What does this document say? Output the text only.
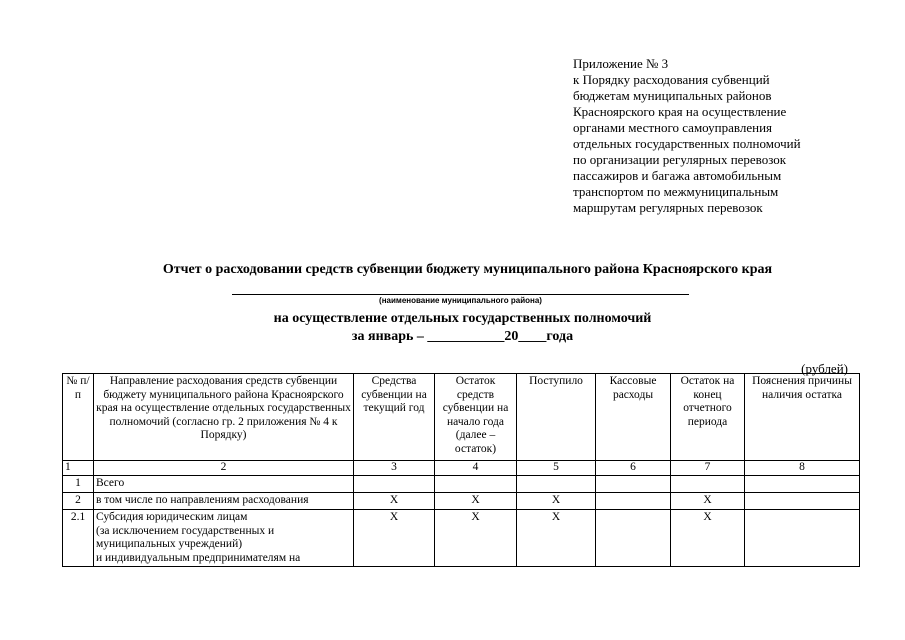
Приложение № 3
к Порядку расходования субвенций
бюджетам муниципальных районов
Красноярского края на осуществление
органами местного самоуправления
отдельных государственных полномочий
по организации регулярных перевозок
пассажиров и багажа автомобильным
транспортом по межмуниципальным
маршрутам регулярных перевозок
Отчет о расходовании средств субвенции бюджету муниципального района Красноярского края
(наименование муниципального района)
на осуществление отдельных государственных полномочий
за январь – ___________20____года
(рублей)
№ п/п	Направление расходования средств субвенции бюджету муниципального района Красноярского края на осуществление отдельных государственных полномочий (согласно гр. 2 приложения № 4 к Порядку)	Средства субвенции на текущий год	Остаток средств субвенции на начало года (далее – остаток)	Поступило	Кассовые расходы	Остаток на конец отчетного периода	Пояснения причины наличия остатка
1	2	3	4	5	6	7	8
1	Всего						
2	в том числе по направлениям расходования	X	X	X		X	
2.1	Субсидия юридическим лицам
(за исключением государственных и муниципальных учреждений)
и индивидуальным предпринимателям на	X	X	X		X	
